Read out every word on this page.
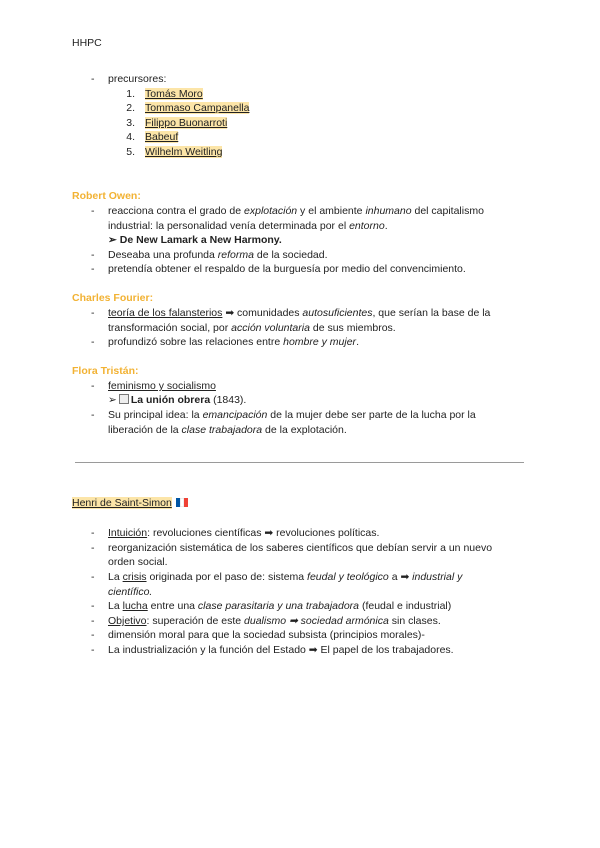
HHPC
- precursores:
1. Tomás Moro
2. Tommaso Campanella
3. Filippo Buonarroti
4. Babeuf
5. Wilhelm Weitling
Robert Owen:
- reacciona contra el grado de explotación y el ambiente inhumano del capitalismo
industrial: la personalidad venía determinada por el entorno.
➢ De New Lamark a New Harmony.
- Deseaba una profunda reforma de la sociedad.
- pretendía obtener el respaldo de la burguesía por medio del convencimiento.
Charles Fourier:
- teoría de los falansterios ➡ comunidades autosuficientes, que serían la base de la
transformación social, por acción voluntaria de sus miembros.
- profundizó sobre las relaciones entre hombre y mujer.
Flora Tristán:
- feminismo y socialismo
➢ La unión obrera (1843).
- Su principal idea: la emancipación de la mujer debe ser parte de la lucha por la
liberación de la clase trabajadora de la explotación.
Henri de Saint-Simon
- Intuición: revoluciones científicas ➡ revoluciones políticas.
- reorganización sistemática de los saberes científicos que debían servir a un nuevo
orden social.
- La crisis originada por el paso de: sistema feudal y teológico a ➡ industrial y
científico.
- La lucha entre una clase parasitaria y una trabajadora (feudal e industrial)
- Objetivo: superación de este dualismo ➡ sociedad armónica sin clases.
- dimensión moral para que la sociedad subsista (principios morales)-
- La industrialización y la función del Estado ➡ El papel de los trabajadores.
